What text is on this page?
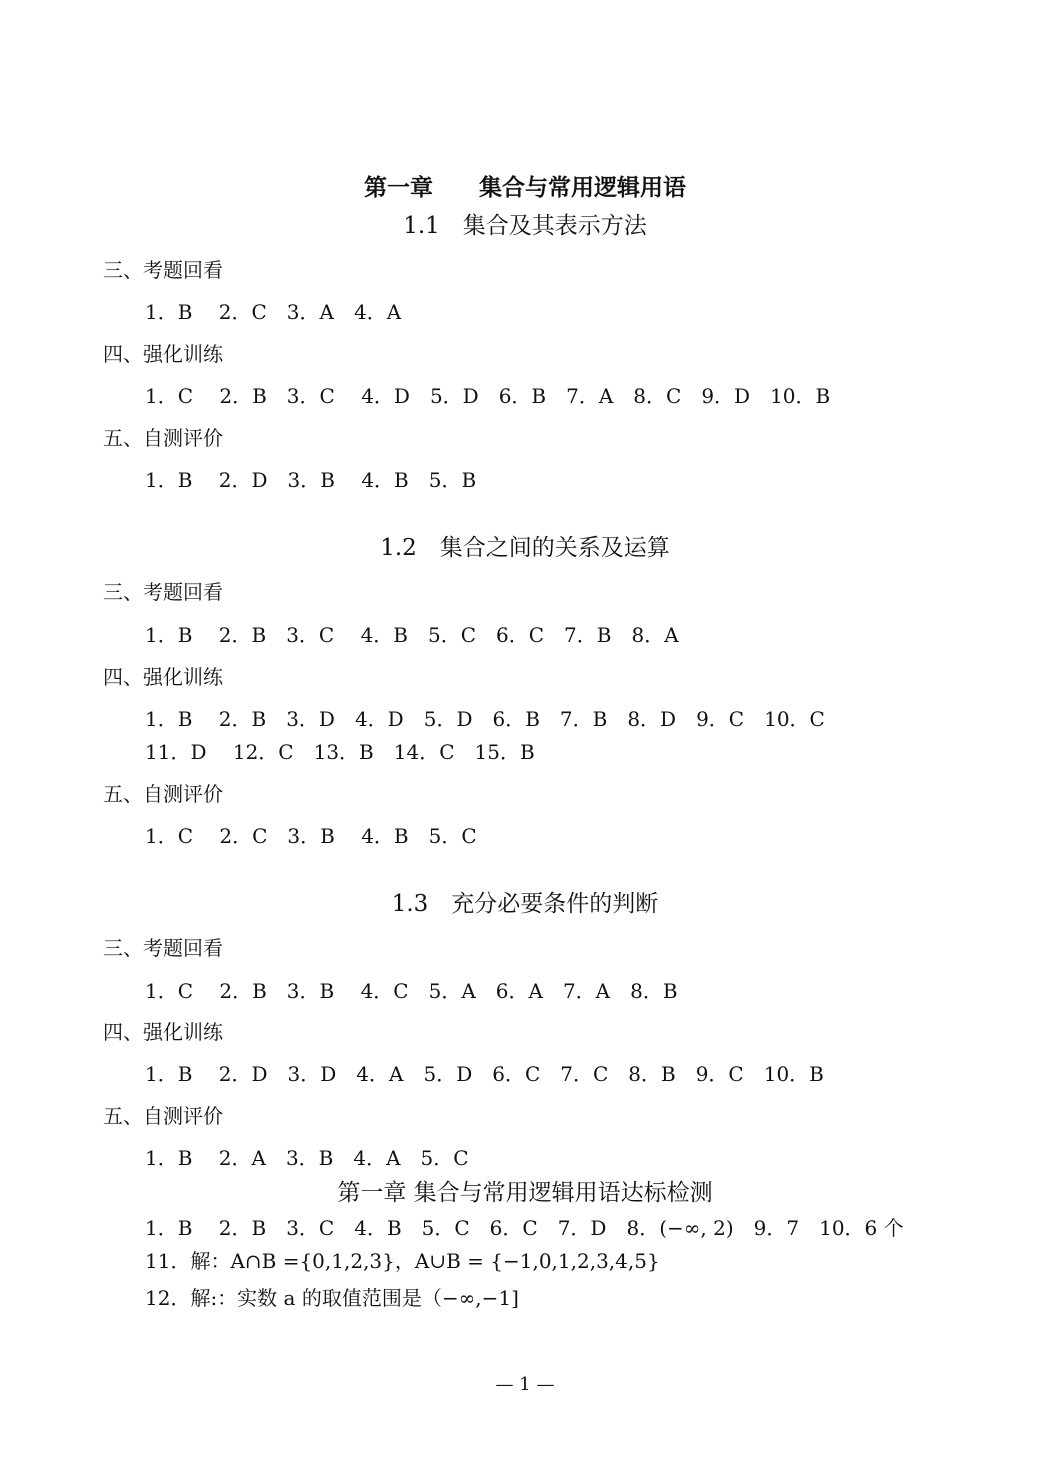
第一章　　集合与常用逻辑用语
1.1　集合及其表示方法
三、考题回看
1．B　 2．C　3．A　4．A
四、强化训练
1．C　 2．B　3．C　 4．D　5．D　6．B　7．A　8．C　9．D　10．B
五、自测评价
1．B　 2．D　3．B　 4．B　5．B
1.2　集合之间的关系及运算
三、考题回看
1．B　 2．B　3．C　 4．B　5．C　6．C　7．B　8．A
四、强化训练
1．B　 2．B　3．D　4．D　5．D　6．B　7．B　8．D　9．C　10．C
11．D　 12．C　13．B　14．C　15．B
五、自测评价
1．C　 2．C　3．B　 4．B　5．C
1.3　充分必要条件的判断
三、考题回看
1．C　 2．B　3．B　 4．C　5．A　6．A　7．A　8．B
四、强化训练
1．B　 2．D　3．D　4．A　5．D　6．C　7．C　8．B　9．C　10．B
五、自测评价
1．B　 2．A　3．B　4．A　5．C
第一章 集合与常用逻辑用语达标检测
1．B　 2．B　3．C　4．B　5．C　6．C　7．D　8．(−∞, 2)　9．7　10．6 个
11．解：A∩B ={0,1,2,3}，A∪B = {−1,0,1,2,3,4,5}
12．解:：实数 a 的取值范围是（−∞,−1]
— 1 —
